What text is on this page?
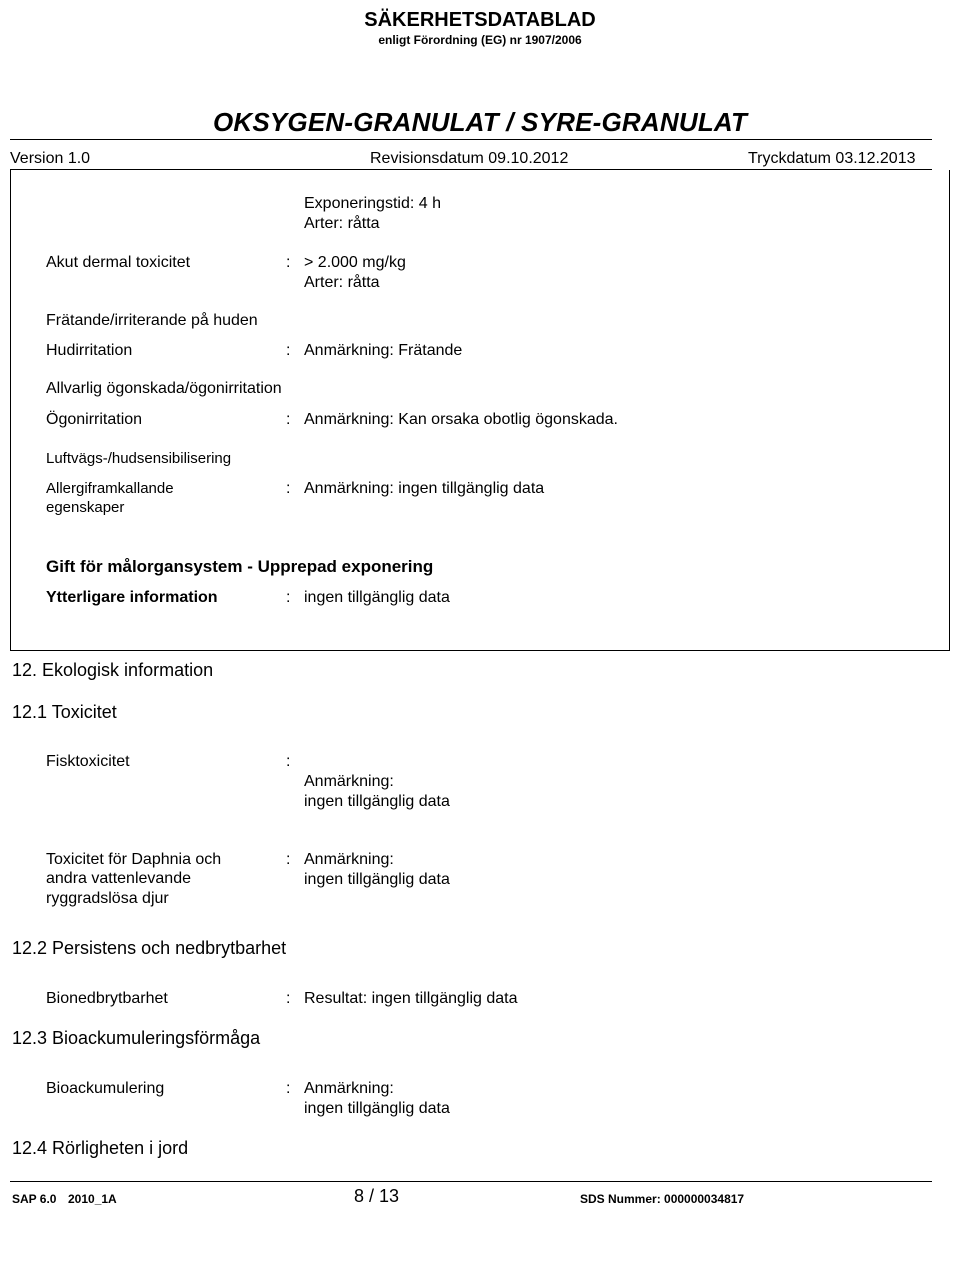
SÄKERHETSDATABLAD
enligt Förordning (EG) nr 1907/2006
OKSYGEN-GRANULAT / SYRE-GRANULAT
Version 1.0	Revisionsdatum 09.10.2012	Tryckdatum 03.12.2013
Exponeringstid: 4 h
Arter: råtta
Akut dermal toxicitet	: > 2.000 mg/kg
Arter: råtta
Frätande/irriterande på huden
Hudirritation	: Anmärkning: Frätande
Allvarlig ögonskada/ögonirritation
Ögonirritation	: Anmärkning: Kan orsaka obotlig ögonskada.
Luftvägs-/hudsensibilisering
Allergiframkallande
egenskaper
: Anmärkning: ingen tillgänglig data
Gift för målorgansystem - Upprepad exponering
Ytterligare information	: ingen tillgänglig data
12. Ekologisk information
12.1 Toxicitet
Fisktoxicitet	:
Anmärkning:
ingen tillgänglig data
Toxicitet för Daphnia och
andra vattenlevande
ryggradslösa djur
: Anmärkning:
ingen tillgänglig data
12.2 Persistens och nedbrytbarhet
Bionedbrytbarhet	: Resultat: ingen tillgänglig data
12.3 Bioackumuleringsförmåga
Bioackumulering	: Anmärkning:
ingen tillgänglig data
12.4 Rörligheten i jord
SAP 6.0 2010_1A	8 / 13	SDS Nummer: 000000034817
